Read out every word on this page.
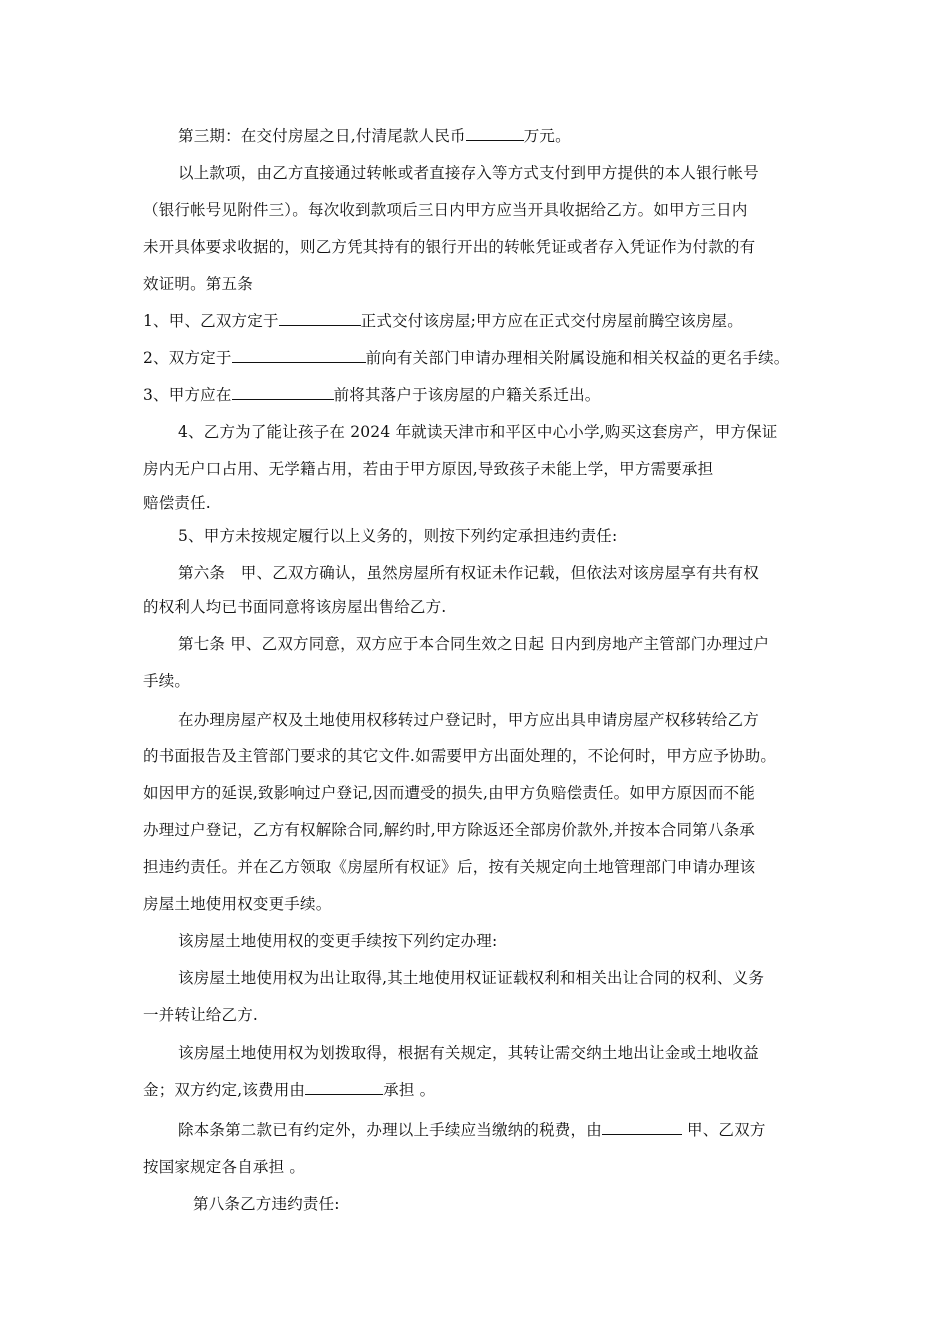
第三期：在交付房屋之日,付清尾款人民币	万元。
以上款项，由乙方直接通过转帐或者直接存入等方式支付到甲方提供的本人银行帐号
（银行帐号见附件三）。每次收到款项后三日内甲方应当开具收据给乙方。如甲方三日内
未开具体要求收据的，则乙方凭其持有的银行开出的转帐凭证或者存入凭证作为付款的有
效证明。第五条
1、甲、乙双方定于	正式交付该房屋;甲方应在正式交付房屋前腾空该房屋。
2、双方定于	前向有关部门申请办理相关附属设施和相关权益的更名手续。
3、甲方应在	前将其落户于该房屋的户籍关系迁出。
4、乙方为了能让孩子在 2024 年就读天津市和平区中心小学,购买这套房产，甲方保证
房内无户口占用、无学籍占用，若由于甲方原因,导致孩子未能上学，甲方需要承担
赔偿责任.
5、甲方未按规定履行以上义务的，则按下列约定承担违约责任:
第六条　甲、乙双方确认，虽然房屋所有权证未作记载，但依法对该房屋享有共有权
的权利人均已书面同意将该房屋出售给乙方.
第七条 甲、乙双方同意，双方应于本合同生效之日起 日内到房地产主管部门办理过户
手续。
在办理房屋产权及土地使用权移转过户登记时，甲方应出具申请房屋产权移转给乙方
的书面报告及主管部门要求的其它文件.如需要甲方出面处理的，不论何时，甲方应予协助。
如因甲方的延误,致影响过户登记,因而遭受的损失,由甲方负赔偿责任。如甲方原因而不能
办理过户登记，乙方有权解除合同,解约时,甲方除返还全部房价款外,并按本合同第八条承
担违约责任。并在乙方领取《房屋所有权证》后，按有关规定向土地管理部门申请办理该
房屋土地使用权变更手续。
该房屋土地使用权的变更手续按下列约定办理:
该房屋土地使用权为出让取得,其土地使用权证证载权利和相关出让合同的权利、义务
一并转让给乙方.
该房屋土地使用权为划拨取得，根据有关规定，其转让需交纳土地出让金或土地收益
金；双方约定,该费用由	承担 。
除本条第二款已有约定外，办理以上手续应当缴纳的税费，由	甲、乙双方
按国家规定各自承担 。
第八条乙方违约责任:
